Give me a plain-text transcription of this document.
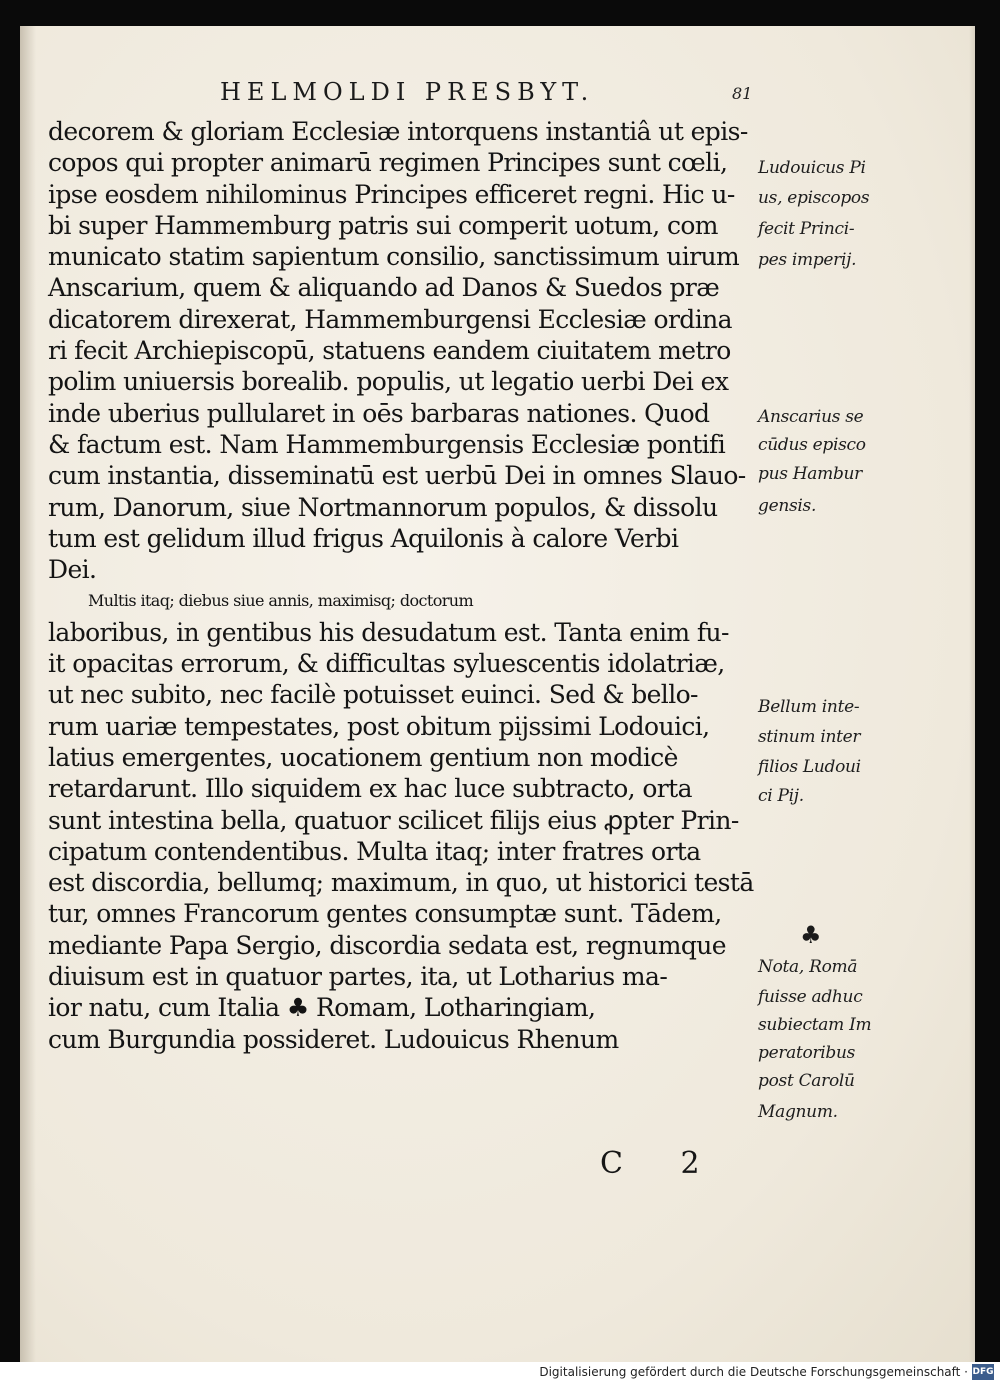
HELMOLDI PRESBYT.	81
decorem & gloriam Ecclesiæ intorquens instantiâ ut epis-
copos qui propter animarū regimen Principes sunt cœli,
ipse eosdem nihilominus Principes efficeret regni. Hic u-
bi super Hammemburg patris sui comperit uotum, com
municato statim sapientum consilio, sanctissimum uirum
Anscarium, quem & aliquando ad Danos & Suedos præ
dicatorem direxerat, Hammemburgensi Ecclesiæ ordina
ri fecit Archiepiscopū, statuens eandem ciuitatem metro
polim uniuersis borealib. populis, ut legatio uerbi Dei ex
inde uberius pullularet in oēs barbaras nationes. Quod
& factum est. Nam Hammemburgensis Ecclesiæ pontifi
cum instantia, disseminatū est uerbū Dei in omnes Slauo-
rum, Danorum, siue Nortmannorum populos, & dissolu
tum est gelidum illud frigus Aquilonis à calore Verbi
Dei.
Multis itaq; diebus siue annis, maximisq; doctorum
laboribus, in gentibus his desudatum est. Tanta enim fu-
it opacitas errorum, & difficultas syluescentis idolatriæ,
ut nec subito, nec facilè potuisset euinci. Sed & bello-
rum uariæ tempestates, post obitum pijssimi Lodouici,
latius emergentes, uocationem gentium non modicè
retardarunt. Illo siquidem ex hac luce subtracto, orta
sunt intestina bella, quatuor scilicet filijs eius ꝓpter Prin-
cipatum contendentibus. Multa itaq; inter fratres orta
est discordia, bellumq; maximum, in quo, ut historici testā
tur, omnes Francorum gentes consumptæ sunt. Tādem,
mediante Papa Sergio, discordia sedata est, regnumque
diuisum est in quatuor partes, ita, ut Lotharius ma-
ior natu, cum Italia ♣ Romam, Lotharingiam,
cum Burgundia possideret. Ludouicus Rhenum
Ludouicus Pi
us, episcopos
fecit Princi-
pes imperij.
Anscarius se
cūdus episco
pus Hambur
gensis.
Bellum inte-
stinum inter
filios Ludoui
ci Pij.
Nota, Romā
fuisse adhuc
subiectam Im
peratoribus
post Carolū
Magnum.
♣
C 2
Digitalisierung gefördert durch die Deutsche Forschungsgemeinschaft · DFG
